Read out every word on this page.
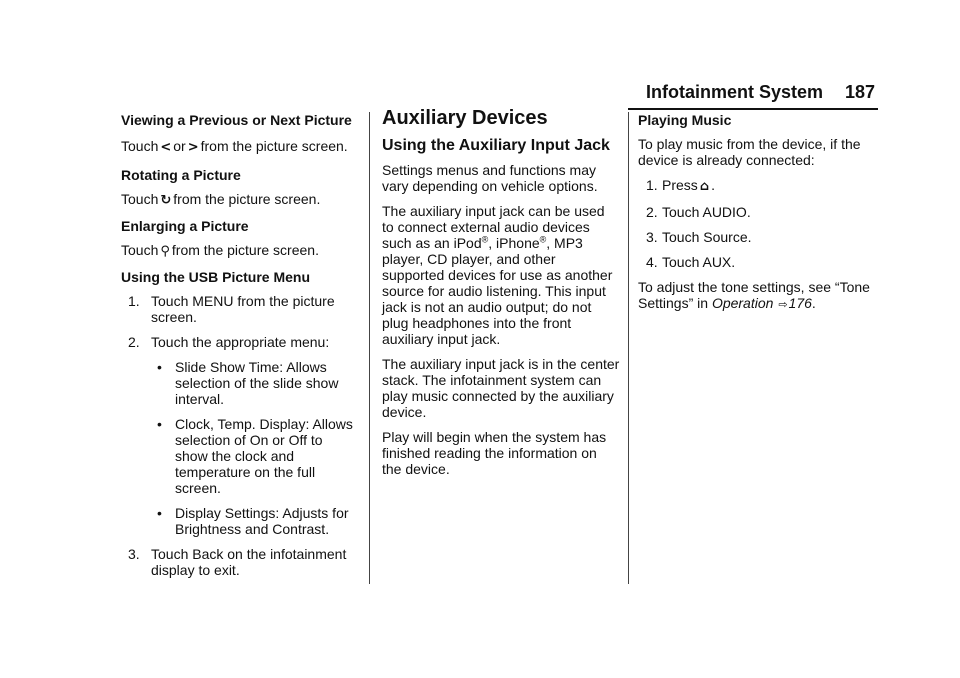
Infotainment System 187

Viewing a Previous or Next Picture

Touch < or > from the picture screen.

Rotating a Picture

Touch ↻ from the picture screen.

Enlarging a Picture

Touch ⚲ from the picture screen.

Using the USB Picture Menu

1. Touch MENU from the picture screen.
2. Touch the appropriate menu:
• Slide Show Time: Allows selection of the slide show interval.
• Clock, Temp. Display: Allows selection of On or Off to show the clock and temperature on the full screen.
• Display Settings: Adjusts for Brightness and Contrast.
3. Touch Back on the infotainment display to exit.

Auxiliary Devices

Using the Auxiliary Input Jack

Settings menus and functions may vary depending on vehicle options.

The auxiliary input jack can be used to connect external audio devices such as an iPod®, iPhone®, MP3 player, CD player, and other supported devices for use as another source for audio listening. This input jack is not an audio output; do not plug headphones into the front auxiliary input jack.

The auxiliary input jack is in the center stack. The infotainment system can play music connected by the auxiliary device.

Play will begin when the system has finished reading the information on the device.

Playing Music

To play music from the device, if the device is already connected:

1. Press ⌂ .
2. Touch AUDIO.
3. Touch Source.
4. Touch AUX.

To adjust the tone settings, see “Tone Settings” in Operation ⇨176.
